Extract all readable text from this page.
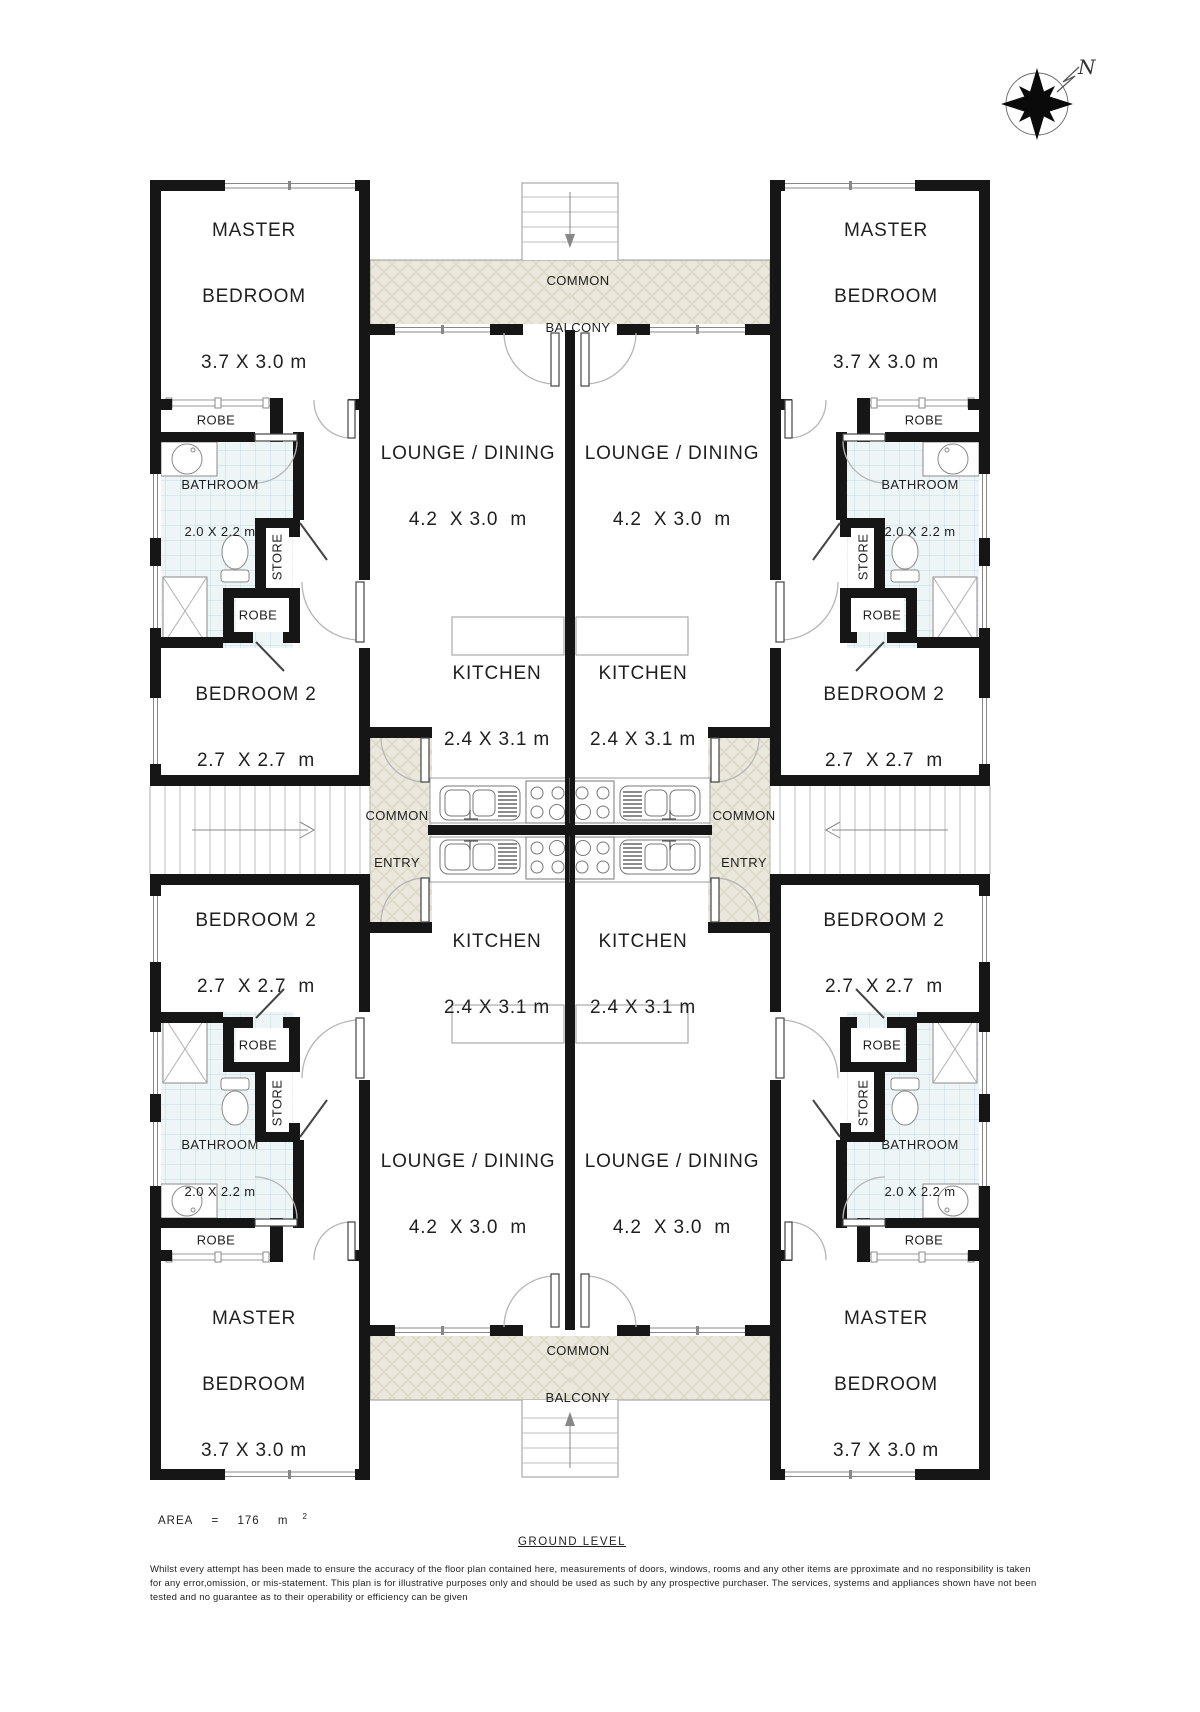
N

MASTER

BEDROOM

3.7 X 3.0 m

ROBE

BATHROOM

2.0 X 2.2 m

STORE
ROBE

BEDROOM 2

2.7  X 2.7  m

LOUNGE / DINING

4.2  X 3.0  m

KITCHEN

2.4 X 3.1 m

MASTER

BEDROOM

3.7 X 3.0 m

ROBE

BATHROOM

2.0 X 2.2 m

STORE
ROBE

BEDROOM 2

2.7  X 2.7  m

LOUNGE / DINING

4.2  X 3.0  m

KITCHEN

2.4 X 3.1 m

MASTER

BEDROOM

3.7 X 3.0 m

ROBE

BATHROOM

2.0 X 2.2 m

STORE
ROBE

BEDROOM 2

2.7  X 2.7  m

LOUNGE / DINING

4.2  X 3.0  m

KITCHEN

2.4 X 3.1 m

MASTER

BEDROOM

3.7 X 3.0 m

ROBE

BATHROOM

2.0 X 2.2 m

STORE
ROBE

BEDROOM 2

2.7  X 2.7  m

LOUNGE / DINING

4.2  X 3.0  m

KITCHEN

2.4 X 3.1 m

COMMON

BALCONY

COMMON

BALCONY

COMMON

ENTRY

COMMON

ENTRY

AREA = 176 m $^2$
GROUND LEVEL
Whilst every attempt has been made to ensure the accuracy of the floor plan contained here, measurements of doors, windows, rooms and any other items are pproximate and no responsibility is taken for any error,omission, or mis-statement. This plan is for illustrative purposes only and should be used as such by any prospective purchaser. The services, systems and appliances shown have not been tested and no guarantee as to their operability or efficiency can be given
